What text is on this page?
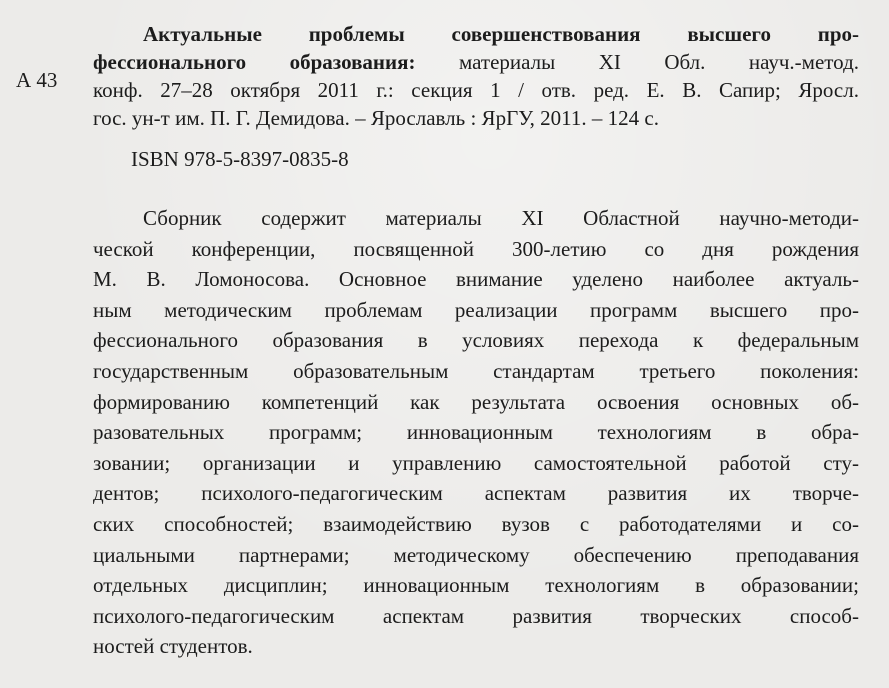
А 43
Актуальные проблемы совершенствования высшего про-
фессионального образования: материалы XI Обл. науч.-метод.
конф. 27–28 октября 2011 г.: секция 1 / отв. ред. Е. В. Сапир; Яросл.
гос. ун-т им. П. Г. Демидова. – Ярославль : ЯрГУ, 2011. – 124 с.
ISBN 978-5-8397-0835-8
Сборник содержит материалы XI Областной научно-методи-
ческой конференции, посвященной 300-летию со дня рождения
М. В. Ломоносова. Основное внимание уделено наиболее актуаль-
ным методическим проблемам реализации программ высшего про-
фессионального образования в условиях перехода к федеральным
государственным образовательным стандартам третьего поколения:
формированию компетенций как результата освоения основных об-
разовательных программ; инновационным технологиям в обра-
зовании; организации и управлению самостоятельной работой сту-
дентов; психолого-педагогическим аспектам развития их творче-
ских способностей; взаимодействию вузов с работодателями и со-
циальными партнерами; методическому обеспечению преподавания
отдельных дисциплин; инновационным технологиям в образовании;
психолого-педагогическим аспектам развития творческих способ-
ностей студентов.
